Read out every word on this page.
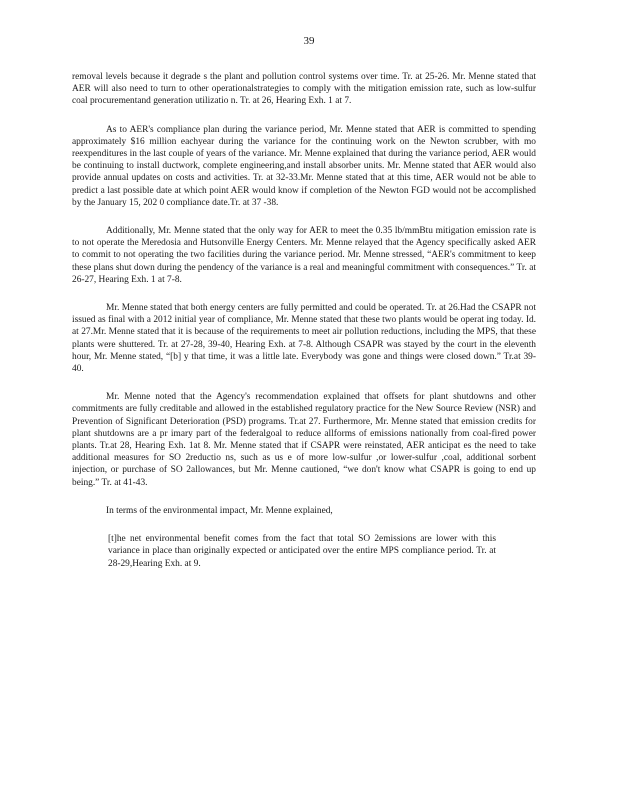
39

removal levels because it degrade s the plant and pollution control systems over time. Tr. at 25-26. Mr. Menne stated that AER will also need to turn to other operationalstrategies to comply with the mitigation emission rate, such as low-sulfur coal procurementand generation utilizatio n. Tr. at 26, Hearing Exh. 1 at 7.

As to AER's compliance plan during the variance period, Mr. Menne stated that AER is committed to spending approximately $16 million eachyear during the variance for the continuing work on the Newton scrubber, with mo reexpenditures in the last couple of years of the variance. Mr. Menne explained that during the variance period, AER would be continuing to install ductwork, complete engineering,and install absorber units. Mr. Menne stated that AER would also provide annual updates on costs and activities. Tr. at 32-33.Mr. Menne stated that at this time, AER would not be able to predict a last possible date at which point AER would know if completion of the Newton FGD would not be accomplished by the January 15, 202 0 compliance date.Tr. at 37 -38.

Additionally, Mr. Menne stated that the only way for AER to meet the 0.35 lb/mmBtu mitigation emission rate is to not operate the Meredosia and Hutsonville Energy Centers. Mr. Menne relayed that the Agency specifically asked AER to commit to not operating the two facilities during the variance period. Mr. Menne stressed, “AER's commitment to keep these plans shut down during the pendency of the variance is a real and meaningful commitment with consequences.” Tr. at 26-27, Hearing Exh. 1 at 7-8.

Mr. Menne stated that both energy centers are fully permitted and could be operated. Tr. at 26.Had the CSAPR not issued as final with a 2012 initial year of compliance, Mr. Menne stated that these two plants would be operat ing today. Id. at 27.Mr. Menne stated that it is because of the requirements to meet air pollution reductions, including the MPS, that these plants were shuttered. Tr. at 27-28, 39-40, Hearing Exh. at 7-8. Although CSAPR was stayed by the court in the eleventh hour, Mr. Menne stated, “[b] y that time, it was a little late. Everybody was gone and things were closed down.” Tr.at 39-40.

Mr. Menne noted that the Agency's recommendation explained that offsets for plant shutdowns and other commitments are fully creditable and allowed in the established regulatory practice for the New Source Review (NSR) and Prevention of Significant Deterioration (PSD) programs. Tr.at 27. Furthermore, Mr. Menne stated that emission credits for plant shutdowns are a pr imary part of the federalgoal to reduce allforms of emissions nationally from coal-fired power plants. Tr.at 28, Hearing Exh. 1at 8. Mr. Menne stated that if CSAPR were reinstated, AER anticipat es the need to take additional measures for SO 2reductio ns, such as us e of more low-sulfur ,or lower-sulfur ,coal, additional sorbent injection, or purchase of SO 2allowances, but Mr. Menne cautioned, “we don't know what CSAPR is going to end up being.” Tr. at 41-43.

In terms of the environmental impact, Mr. Menne explained,

[t]he net environmental benefit comes from the fact that total SO 2emissions are lower with this variance in place than originally expected or anticipated over the entire MPS compliance period. Tr. at 28-29,Hearing Exh. at 9.
